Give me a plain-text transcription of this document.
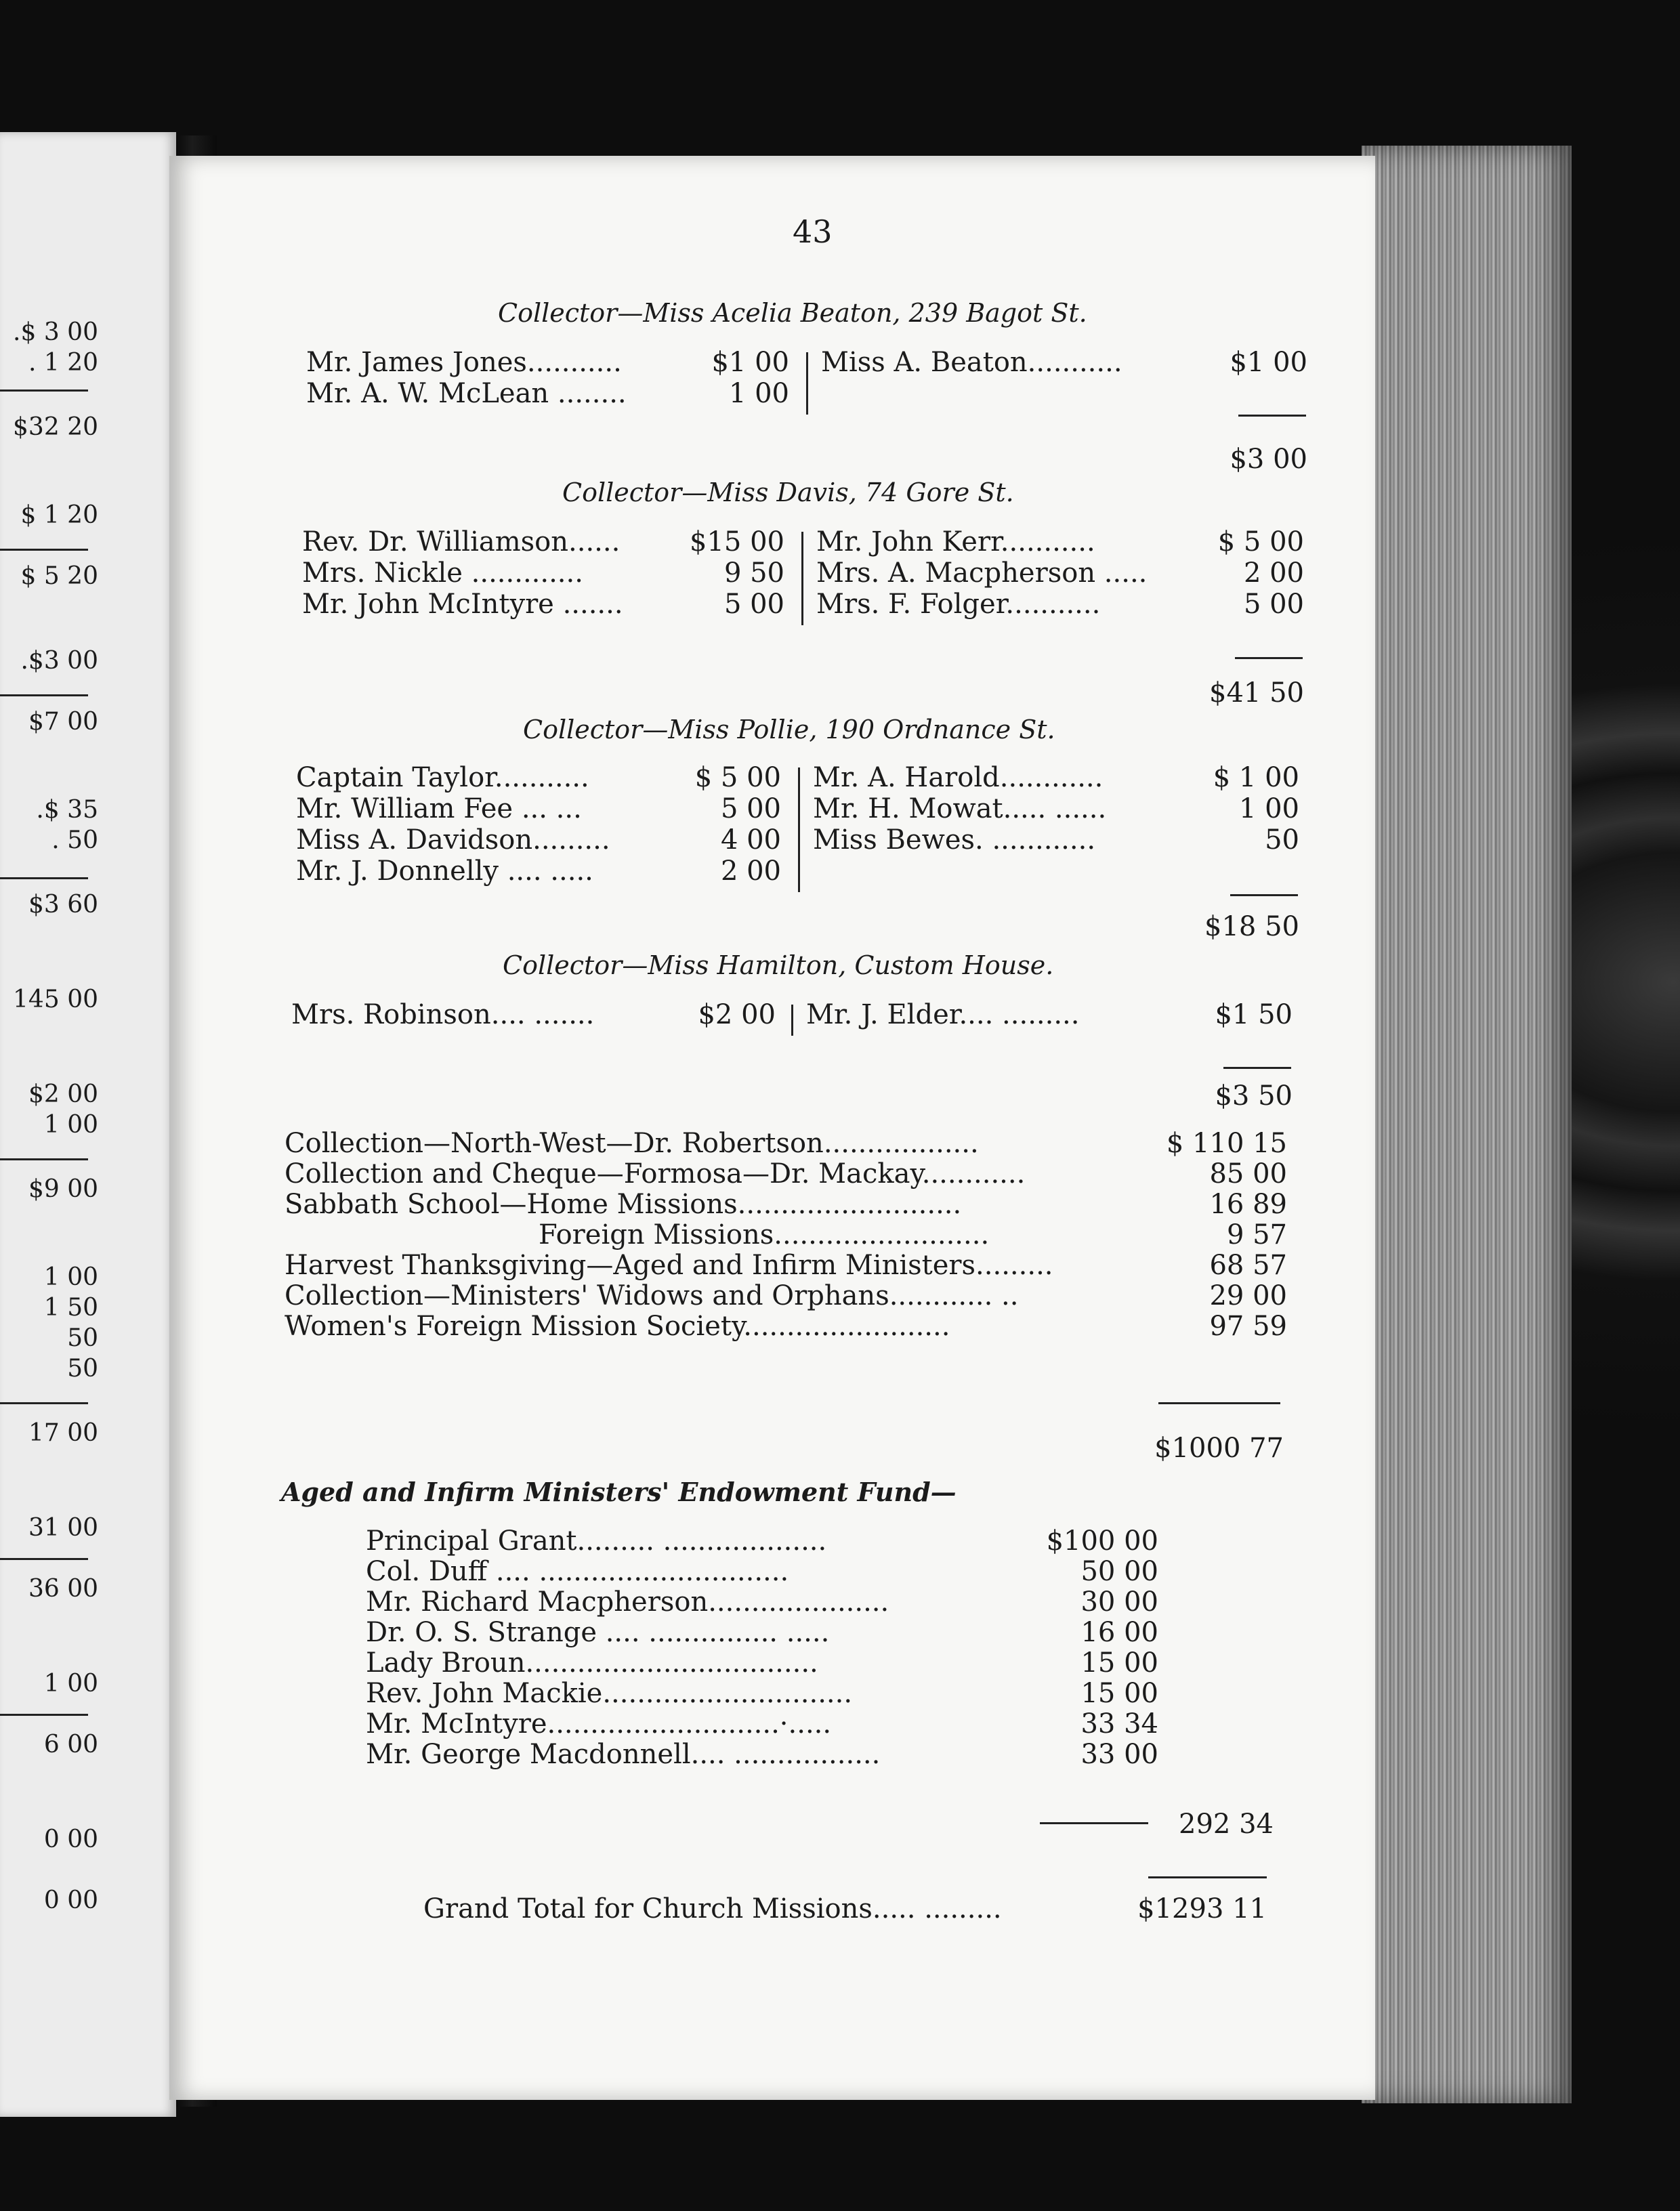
.$ 3 00
. 1 20
$32 20
$ 1 20
$ 5 20
.$3 00
$7 00
.$ 35
. 50
$3 60
145 00
$2 00
1 00
$9 00
1 00
1 50
50
50
17 00
31 00
36 00
1 00
6 00
0 00
0 00
43
Collector—Miss Acelia Beaton, 239 Bagot St.
Mr. James Jones...........	$1 00
Mr. A. W. McLean ........	1 00
Miss A. Beaton...........	$1 00
$3 00
Collector—Miss Davis, 74 Gore St.
Rev. Dr. Williamson......	$15 00
Mrs. Nickle .............	9 50
Mr. John McIntyre .......	5 00
Mr. John Kerr...........	$ 5 00
Mrs. A. Macpherson .....	2 00
Mrs. F. Folger...........	5 00
$41 50
Collector—Miss Pollie, 190 Ordnance St.
Captain Taylor...........	$ 5 00
Mr. William Fee ... ...	5 00
Miss A. Davidson.........	4 00
Mr. J. Donnelly .... .....	2 00
Mr. A. Harold............	$ 1 00
Mr. H. Mowat..... ......	1 00
Miss Bewes. ............	50
$18 50
Collector—Miss Hamilton, Custom House.
Mrs. Robinson.... .......	$2 00 Mr. J. Elder.... .........	$1 50
$3 50
Collection—North-West—Dr. Robertson..................	$ 110 15
Collection and Cheque—Formosa—Dr. Mackay............	85 00
Sabbath School—Home Missions..........................	16 89
Foreign Missions.........................	9 57
Harvest Thanksgiving—Aged and Infirm Ministers.........	68 57
Collection—Ministers' Widows and Orphans............ ..	29 00
Women's Foreign Mission Society........................	97 59
$1000 77
Aged and Infirm Ministers' Endowment Fund—
Principal Grant......... ...................	$100 00
Col. Duff .... .............................	50 00
Mr. Richard Macpherson.....................	30 00
Dr. O. S. Strange .... ............... .....	16 00
Lady Broun..................................	15 00
Rev. John Mackie.............................	15 00
Mr. McIntyre...........................·.....	33 34
Mr. George Macdonnell.... .................	33 00
292 34
Grand Total for Church Missions..... .........	$1293 11
